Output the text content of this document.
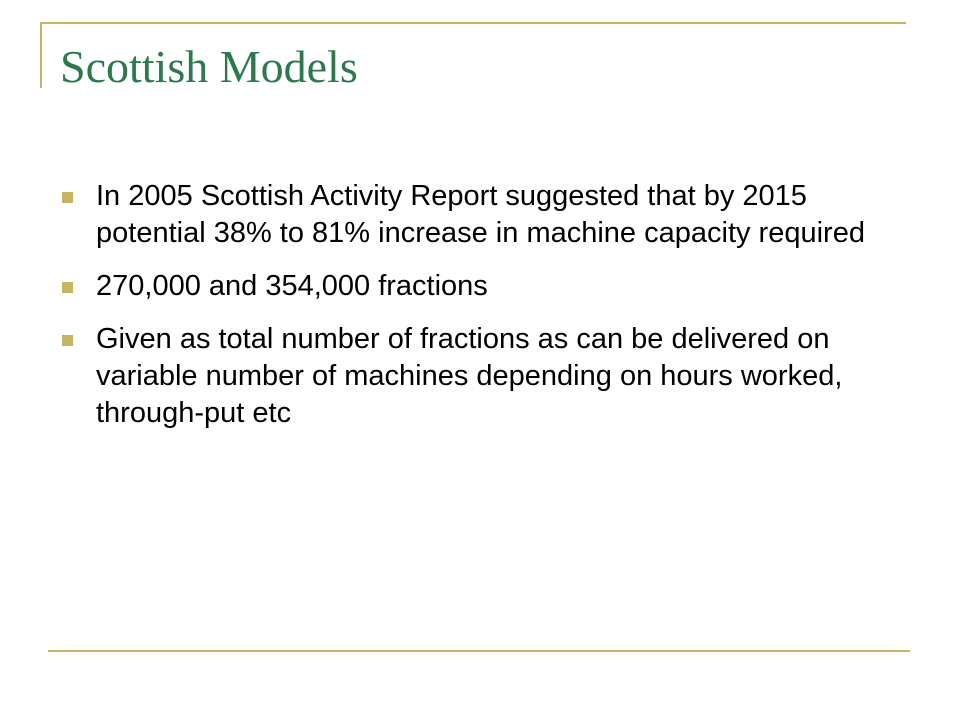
Scottish Models
In 2005 Scottish Activity Report suggested that by 2015 potential 38% to 81% increase in machine capacity required
270,000 and 354,000 fractions
Given as total number of fractions as can be delivered on variable number of machines depending on hours worked, through-put etc
